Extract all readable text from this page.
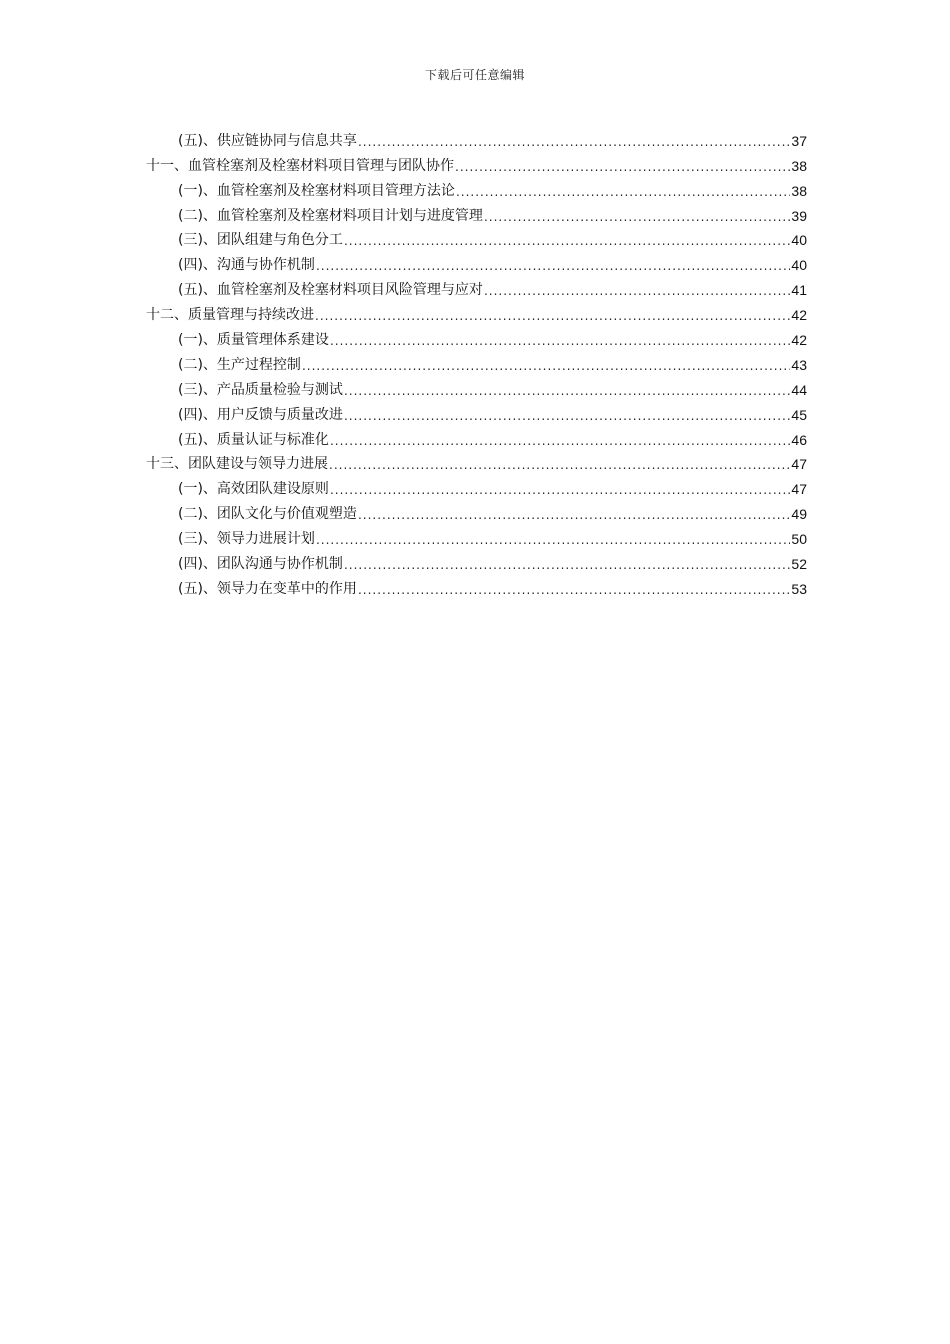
下载后可任意编辑
(五)、供应链协同与信息共享 .....	37
十一、血管栓塞剂及栓塞材料项目管理与团队协作 .....	38
(一)、血管栓塞剂及栓塞材料项目管理方法论 .....	38
(二)、血管栓塞剂及栓塞材料项目计划与进度管理 .....	39
(三)、团队组建与角色分工 .....	40
(四)、沟通与协作机制 .....	40
(五)、血管栓塞剂及栓塞材料项目风险管理与应对 .....	41
十二、质量管理与持续改进 .....	42
(一)、质量管理体系建设 .....	42
(二)、生产过程控制 .....	43
(三)、产品质量检验与测试 .....	44
(四)、用户反馈与质量改进 .....	45
(五)、质量认证与标准化 .....	46
十三、团队建设与领导力进展 .....	47
(一)、高效团队建设原则 .....	47
(二)、团队文化与价值观塑造 .....	49
(三)、领导力进展计划 .....	50
(四)、团队沟通与协作机制 .....	52
(五)、领导力在变革中的作用 .....	53
